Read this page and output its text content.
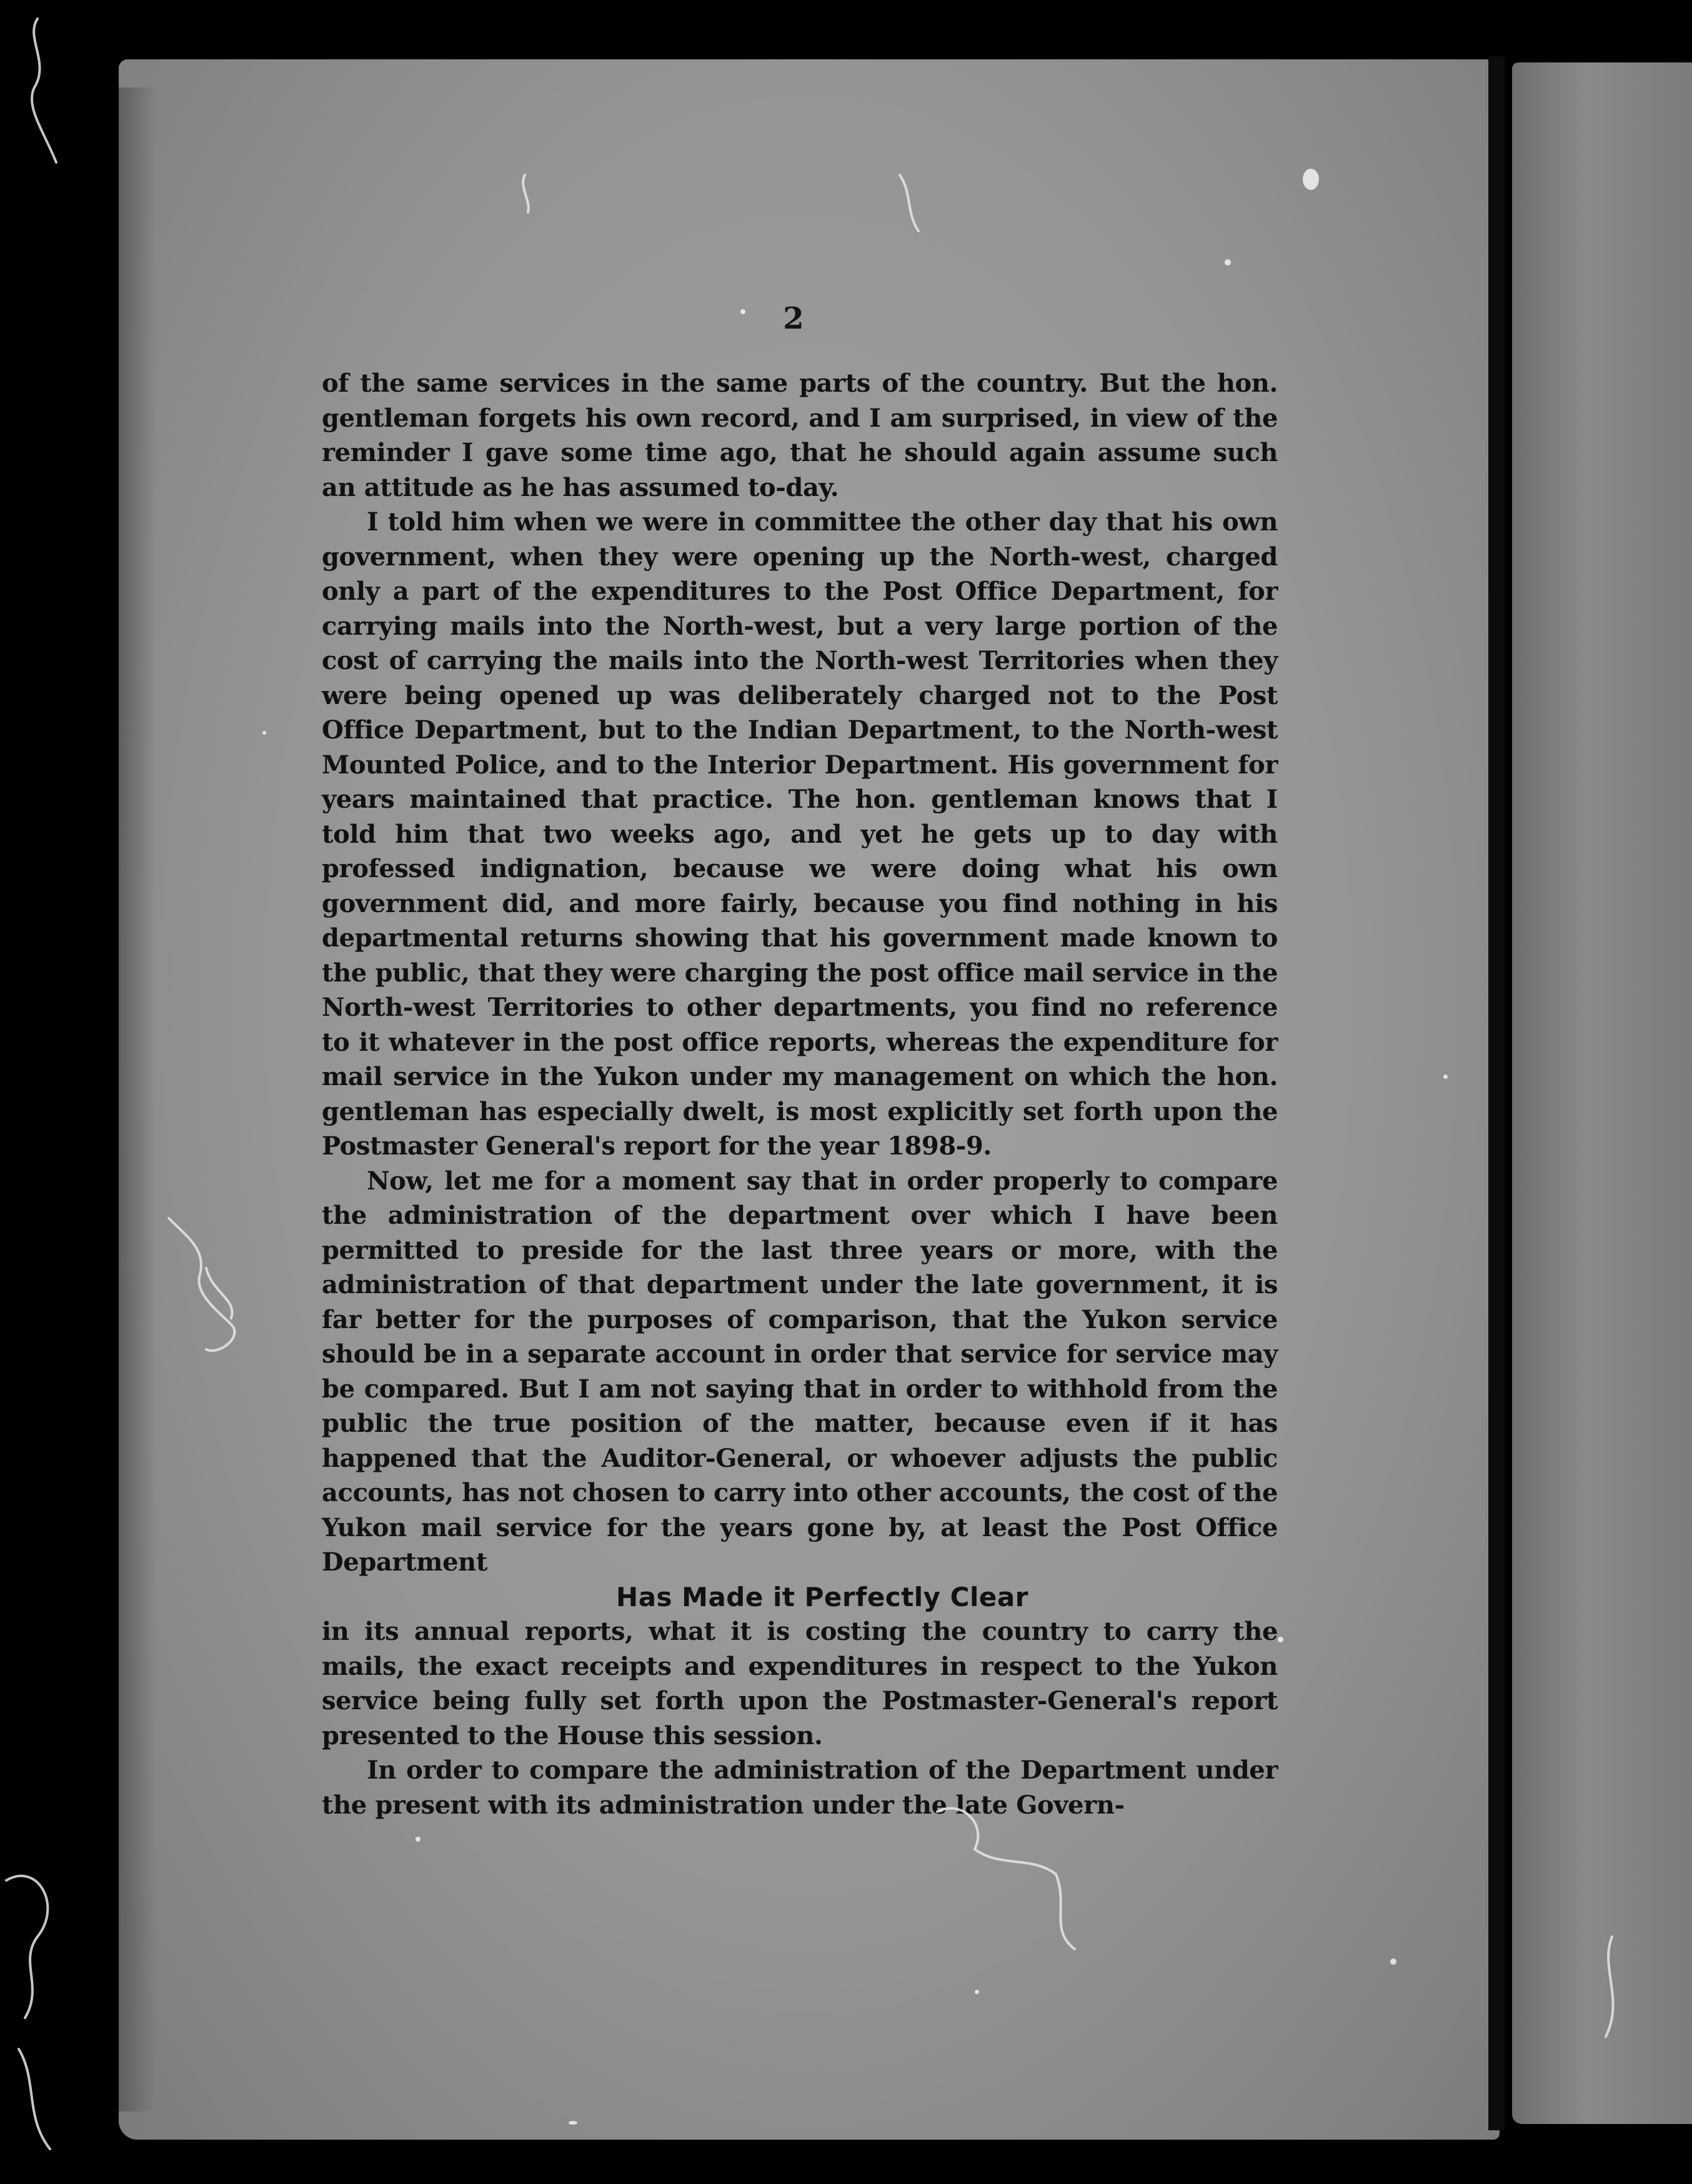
2

of the same services in the same parts of the country. But the hon. gentleman forgets his own record, and I am surprised, in view of the reminder I gave some time ago, that he should again assume such an attitude as he has assumed to-day.

I told him when we were in committee the other day that his own government, when they were opening up the North-west, charged only a part of the expenditures to the Post Office Department, for carrying mails into the North-west, but a very large portion of the cost of carrying the mails into the North-west Territories when they were being opened up was deliberately charged not to the Post Office Department, but to the Indian Department, to the North-west Mounted Police, and to the Interior Department. His government for years maintained that practice. The hon. gentleman knows that I told him that two weeks ago, and yet he gets up to day with professed indignation, because we were doing what his own government did, and more fairly, because you find nothing in his departmental returns showing that his government made known to the public, that they were charging the post office mail service in the North-west Territories to other departments, you find no reference to it whatever in the post office reports, whereas the expenditure for mail service in the Yukon under my management on which the hon. gentleman has especially dwelt, is most explicitly set forth upon the Postmaster General's report for the year 1898-9.

Now, let me for a moment say that in order properly to compare the administration of the department over which I have been permitted to preside for the last three years or more, with the administration of that department under the late government, it is far better for the purposes of comparison, that the Yukon service should be in a separate account in order that service for service may be compared. But I am not saying that in order to withhold from the public the true position of the matter, because even if it has happened that the Auditor-General, or whoever adjusts the public accounts, has not chosen to carry into other accounts, the cost of the Yukon mail service for the years gone by, at least the Post Office Department

Has Made it Perfectly Clear

in its annual reports, what it is costing the country to carry the mails, the exact receipts and expenditures in respect to the Yukon service being fully set forth upon the Postmaster-General's report presented to the House this session.

In order to compare the administration of the Department under the present with its administration under the late Govern-
